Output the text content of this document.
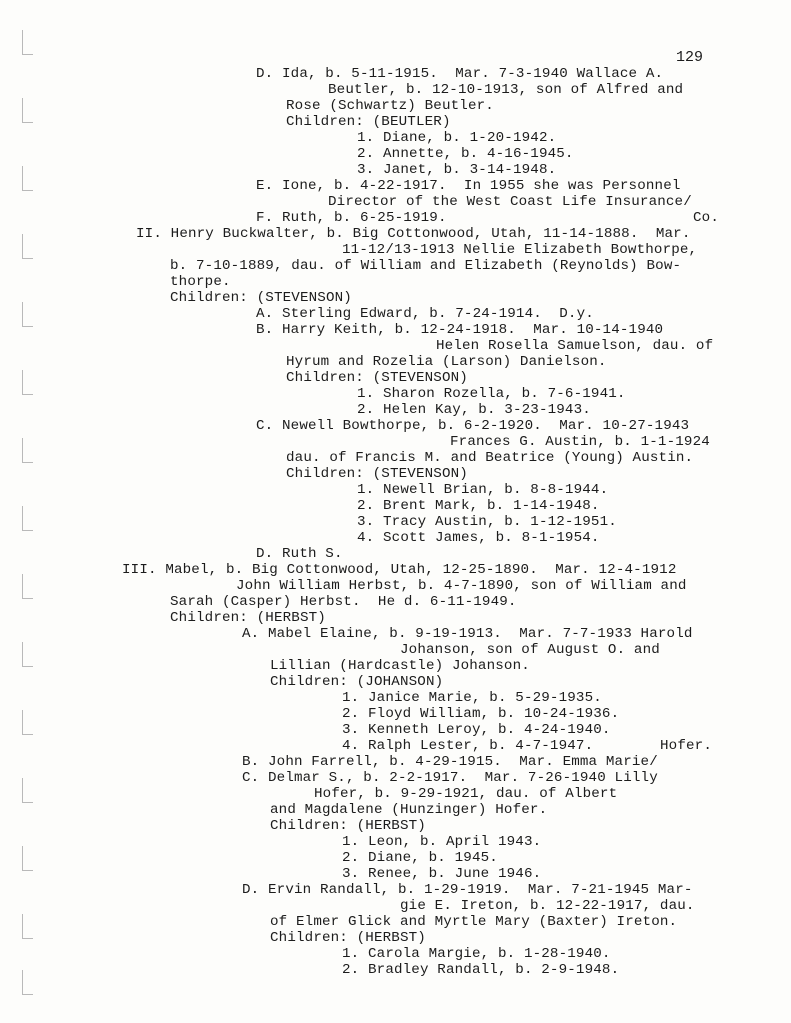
129
D. Ida, b. 5-11-1915.  Mar. 7-3-1940 Wallace A.
Beutler, b. 12-10-1913, son of Alfred and
Rose (Schwartz) Beutler.
Children: (BEUTLER)
1. Diane, b. 1-20-1942.
2. Annette, b. 4-16-1945.
3. Janet, b. 3-14-1948.
E. Ione, b. 4-22-1917.  In 1955 she was Personnel
Director of the West Coast Life Insurance/
F. Ruth, b. 6-25-1919.	Co.
II. Henry Buckwalter, b. Big Cottonwood, Utah, 11-14-1888.  Mar.
11-12/13-1913 Nellie Elizabeth Bowthorpe,
b. 7-10-1889, dau. of William and Elizabeth (Reynolds) Bow-
thorpe.
Children: (STEVENSON)
A. Sterling Edward, b. 7-24-1914.  D.y.
B. Harry Keith, b. 12-24-1918.  Mar. 10-14-1940
Helen Rosella Samuelson, dau. of
Hyrum and Rozelia (Larson) Danielson.
Children: (STEVENSON)
1. Sharon Rozella, b. 7-6-1941.
2. Helen Kay, b. 3-23-1943.
C. Newell Bowthorpe, b. 6-2-1920.  Mar. 10-27-1943
Frances G. Austin, b. 1-1-1924
dau. of Francis M. and Beatrice (Young) Austin.
Children: (STEVENSON)
1. Newell Brian, b. 8-8-1944.
2. Brent Mark, b. 1-14-1948.
3. Tracy Austin, b. 1-12-1951.
4. Scott James, b. 8-1-1954.
D. Ruth S.
III. Mabel, b. Big Cottonwood, Utah, 12-25-1890.  Mar. 12-4-1912
John William Herbst, b. 4-7-1890, son of William and
Sarah (Casper) Herbst.  He d. 6-11-1949.
Children: (HERBST)
A. Mabel Elaine, b. 9-19-1913.  Mar. 7-7-1933 Harold
Johanson, son of August O. and
Lillian (Hardcastle) Johanson.
Children: (JOHANSON)
1. Janice Marie, b. 5-29-1935.
2. Floyd William, b. 10-24-1936.
3. Kenneth Leroy, b. 4-24-1940.
4. Ralph Lester, b. 4-7-1947.	Hofer.
B. John Farrell, b. 4-29-1915.  Mar. Emma Marie/
C. Delmar S., b. 2-2-1917.  Mar. 7-26-1940 Lilly
Hofer, b. 9-29-1921, dau. of Albert
and Magdalene (Hunzinger) Hofer.
Children: (HERBST)
1. Leon, b. April 1943.
2. Diane, b. 1945.
3. Renee, b. June 1946.
D. Ervin Randall, b. 1-29-1919.  Mar. 7-21-1945 Mar-
gie E. Ireton, b. 12-22-1917, dau.
of Elmer Glick and Myrtle Mary (Baxter) Ireton.
Children: (HERBST)
1. Carola Margie, b. 1-28-1940.
2. Bradley Randall, b. 2-9-1948.
